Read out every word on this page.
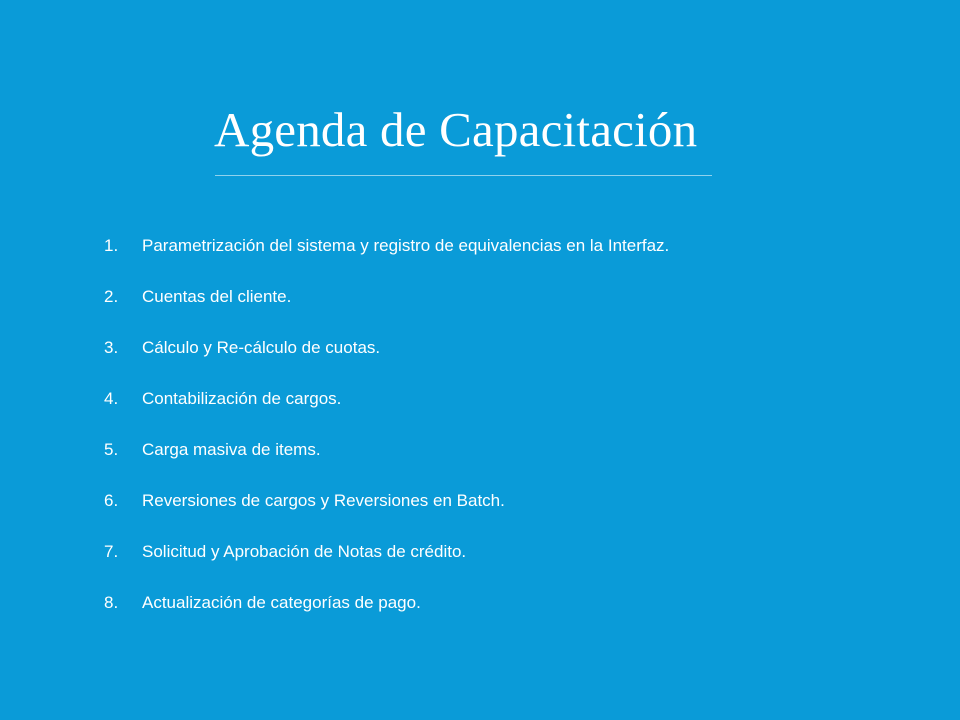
Agenda de Capacitación
1.	Parametrización del sistema y registro de equivalencias en la Interfaz.
2.	Cuentas del cliente.
3.	Cálculo y Re-cálculo de cuotas.
4.	Contabilización de cargos.
5.	Carga masiva de items.
6.	Reversiones de cargos y Reversiones en Batch.
7.	Solicitud y Aprobación de Notas de crédito.
8.	Actualización de categorías de pago.
